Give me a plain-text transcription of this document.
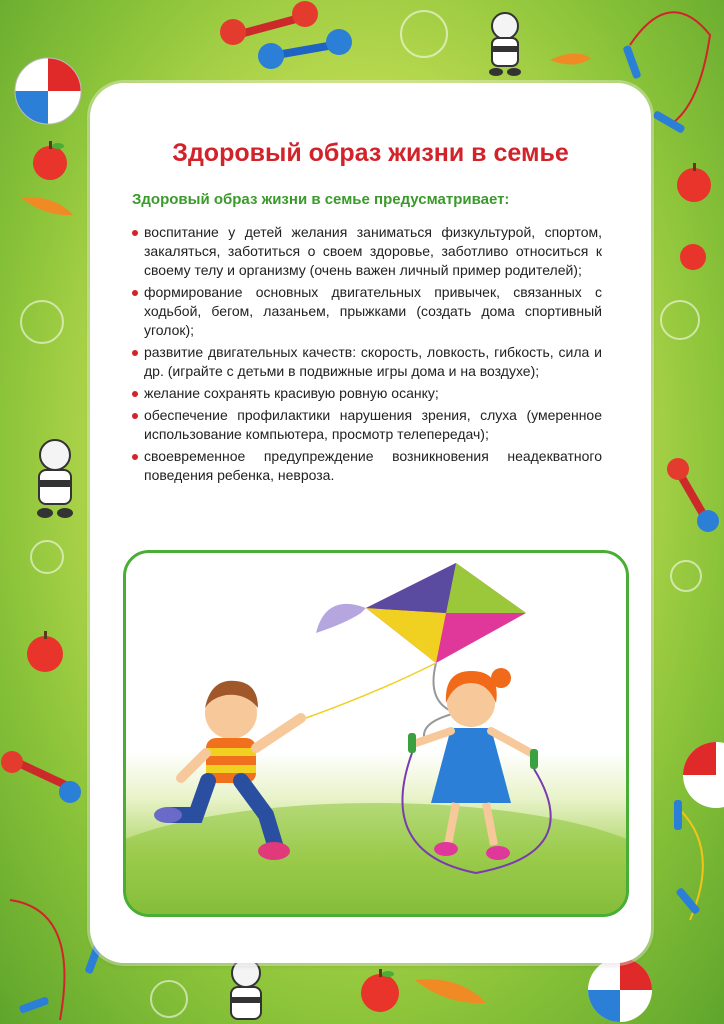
Здоровый образ жизни в семье

Здоровый образ жизни в семье предусматривает:

воспитание у детей желания заниматься физкультурой, спортом, закаляться, заботиться о своем здоровье, заботливо относиться к своему телу и организму (очень важен личный пример родителей);
формирование основных двигательных привычек, связанных с ходьбой, бегом, лазаньем, прыжками (создать дома спортивный уголок);
развитие двигательных качеств: скорость, ловкость, гибкость, сила и др. (играйте с детьми в подвижные игры дома и на воздухе);
желание сохранять красивую ровную осанку;
обеспечение профилактики нарушения зрения, слуха (умеренное использование компьютера, просмотр телепередач);
своевременное предупреждение возникновения неадекватного поведения ребенка, невроза.
